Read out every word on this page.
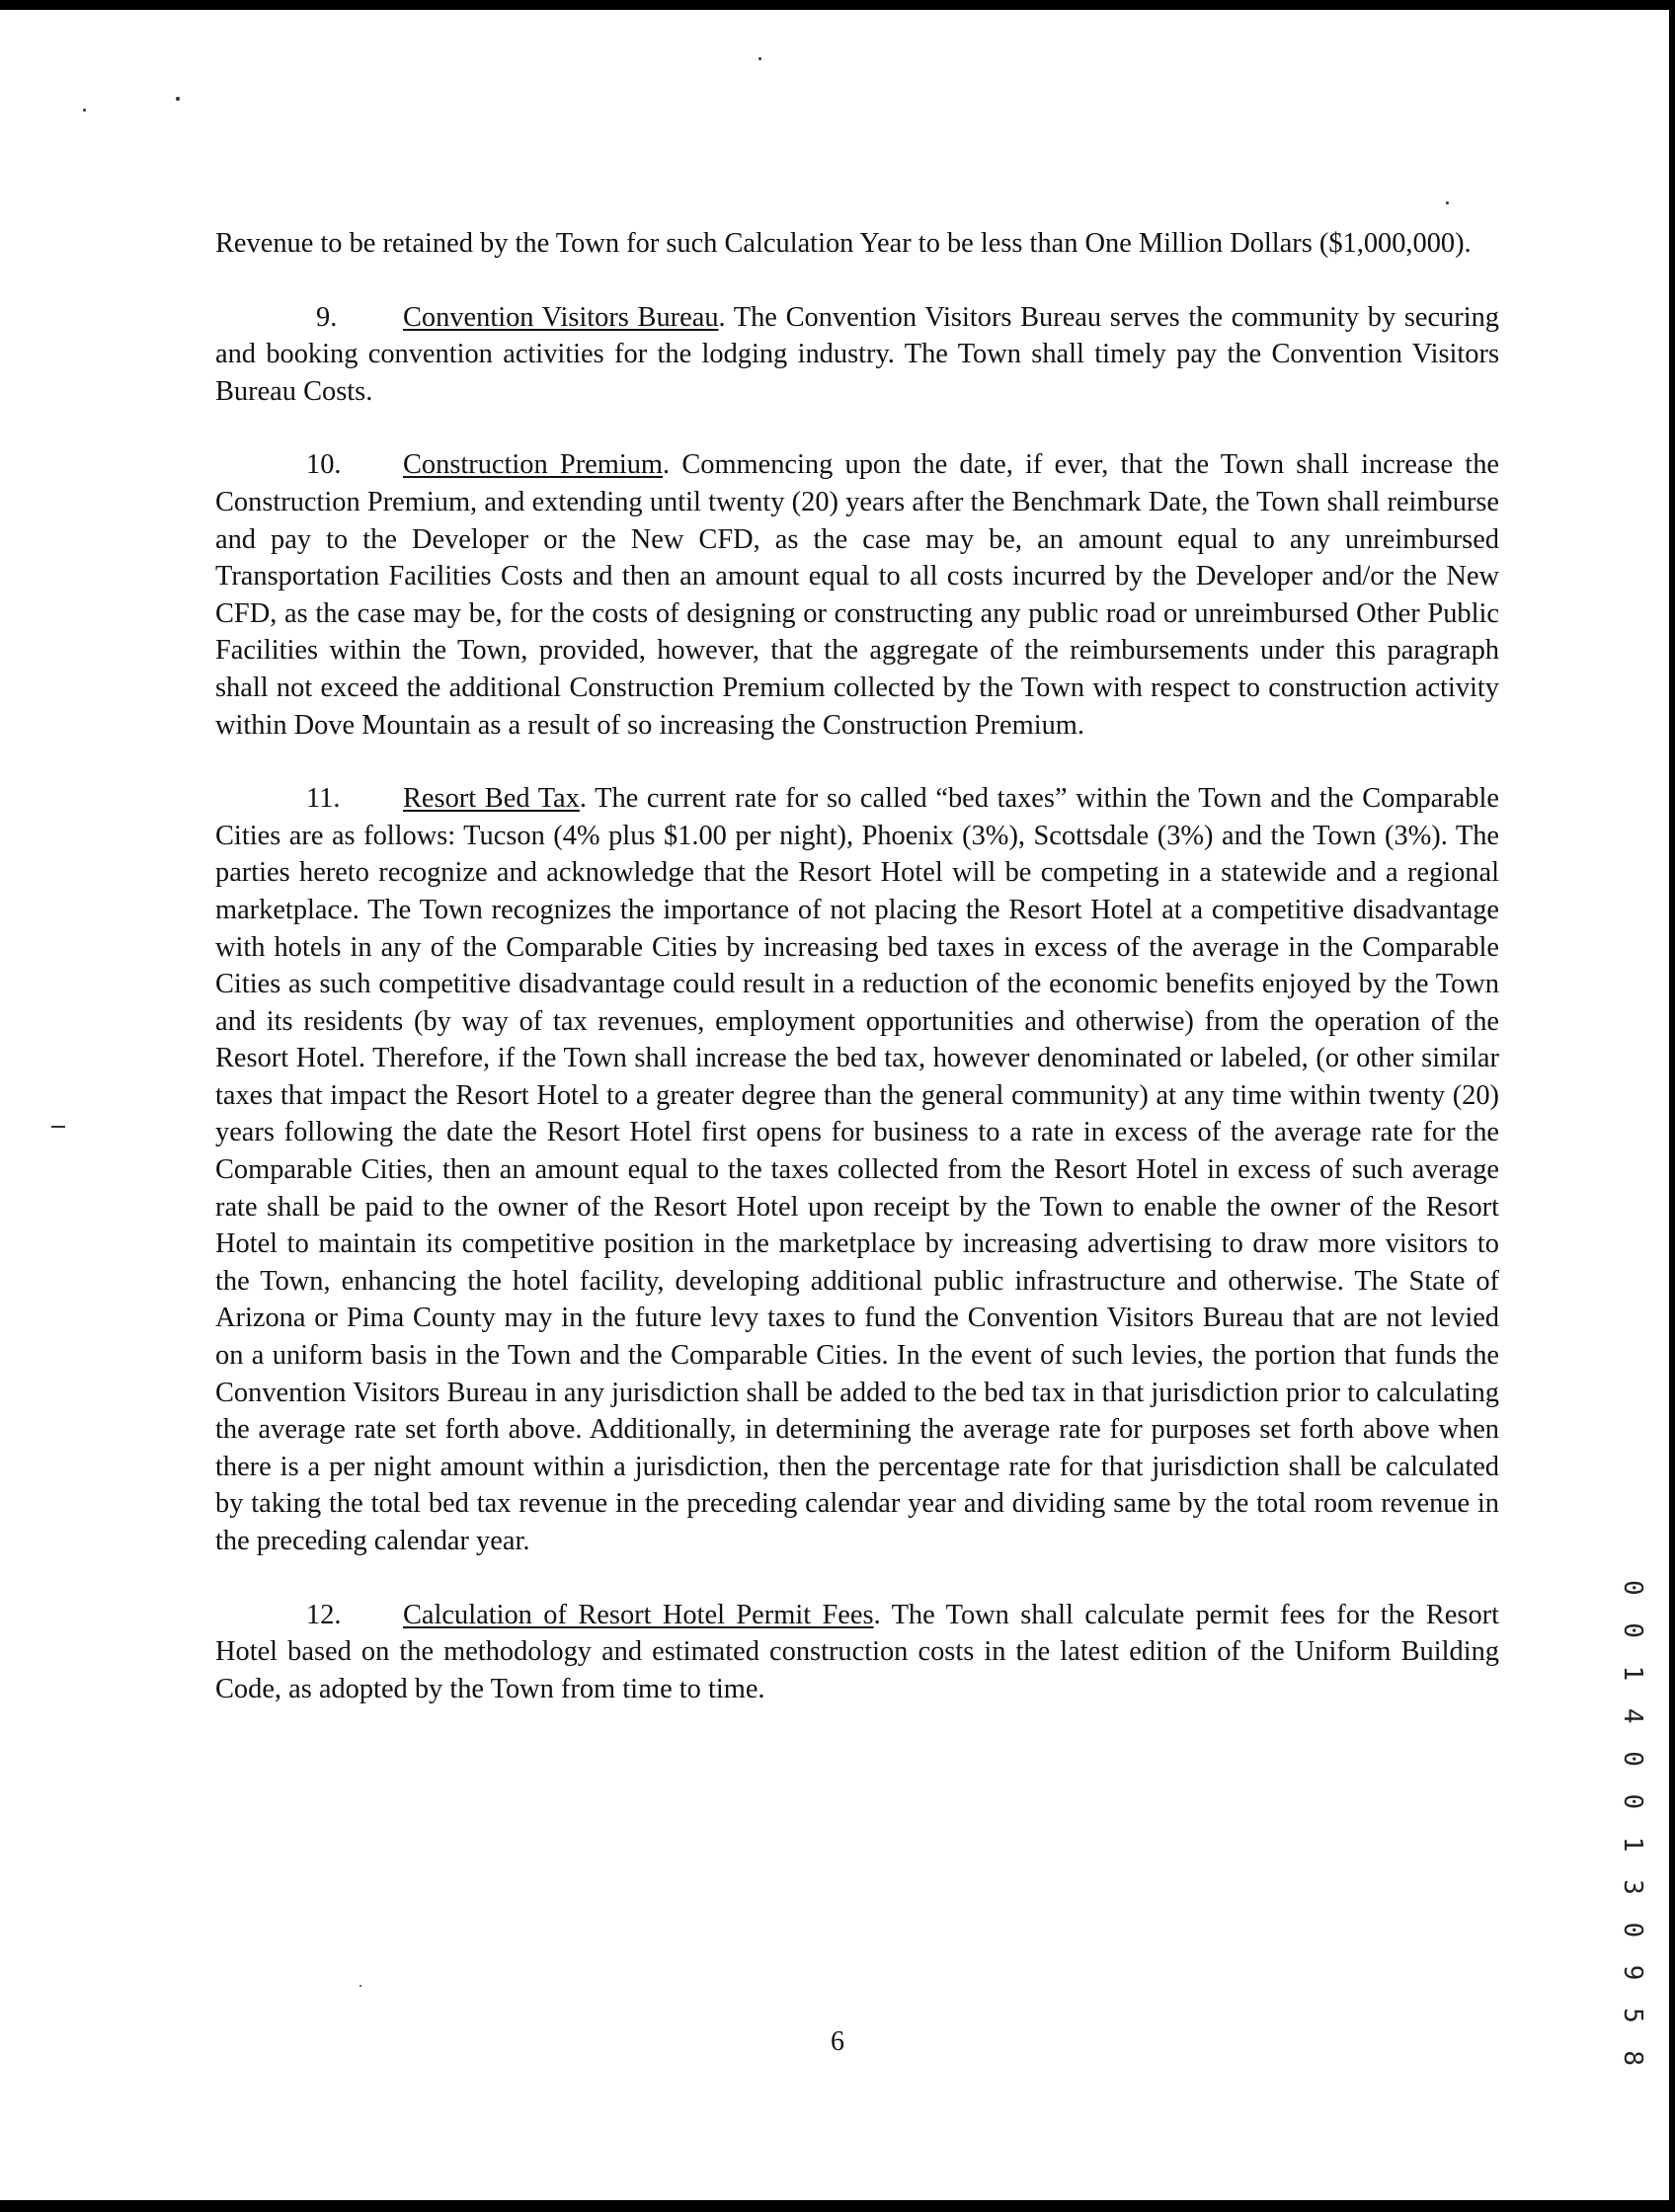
Revenue to be retained by the Town for such Calculation Year to be less than One Million Dollars ($1,000,000).

9. Convention Visitors Bureau. The Convention Visitors Bureau serves the community by securing and booking convention activities for the lodging industry. The Town shall timely pay the Convention Visitors Bureau Costs.

10. Construction Premium. Commencing upon the date, if ever, that the Town shall increase the Construction Premium, and extending until twenty (20) years after the Benchmark Date, the Town shall reimburse and pay to the Developer or the New CFD, as the case may be, an amount equal to any unreimbursed Transportation Facilities Costs and then an amount equal to all costs incurred by the Developer and/or the New CFD, as the case may be, for the costs of designing or constructing any public road or unreimbursed Other Public Facilities within the Town, provided, however, that the aggregate of the reimbursements under this paragraph shall not exceed the additional Construction Premium collected by the Town with respect to construction activity within Dove Mountain as a result of so increasing the Construction Premium.

11. Resort Bed Tax. The current rate for so called “bed taxes” within the Town and the Comparable Cities are as follows: Tucson (4% plus $1.00 per night), Phoenix (3%), Scottsdale (3%) and the Town (3%). The parties hereto recognize and acknowledge that the Resort Hotel will be competing in a statewide and a regional marketplace. The Town recognizes the importance of not placing the Resort Hotel at a competitive disadvantage with hotels in any of the Comparable Cities by increasing bed taxes in excess of the average in the Comparable Cities as such competitive disadvantage could result in a reduction of the economic benefits enjoyed by the Town and its residents (by way of tax revenues, employment opportunities and otherwise) from the operation of the Resort Hotel. Therefore, if the Town shall increase the bed tax, however denominated or labeled, (or other similar taxes that impact the Resort Hotel to a greater degree than the general community) at any time within twenty (20) years following the date the Resort Hotel first opens for business to a rate in excess of the average rate for the Comparable Cities, then an amount equal to the taxes collected from the Resort Hotel in excess of such average rate shall be paid to the owner of the Resort Hotel upon receipt by the Town to enable the owner of the Resort Hotel to maintain its competitive position in the marketplace by increasing advertising to draw more visitors to the Town, enhancing the hotel facility, developing additional public infrastructure and otherwise. The State of Arizona or Pima County may in the future levy taxes to fund the Convention Visitors Bureau that are not levied on a uniform basis in the Town and the Comparable Cities. In the event of such levies, the portion that funds the Convention Visitors Bureau in any jurisdiction shall be added to the bed tax in that jurisdiction prior to calculating the average rate set forth above. Additionally, in determining the average rate for purposes set forth above when there is a per night amount within a jurisdiction, then the percentage rate for that jurisdiction shall be calculated by taking the total bed tax revenue in the preceding calendar year and dividing same by the total room revenue in the preceding calendar year.

12. Calculation of Resort Hotel Permit Fees. The Town shall calculate permit fees for the Resort Hotel based on the methodology and estimated construction costs in the latest edition of the Uniform Building Code, as adopted by the Town from time to time.

6	0 0 1 4 0 0 1 3 0 9 5 8
